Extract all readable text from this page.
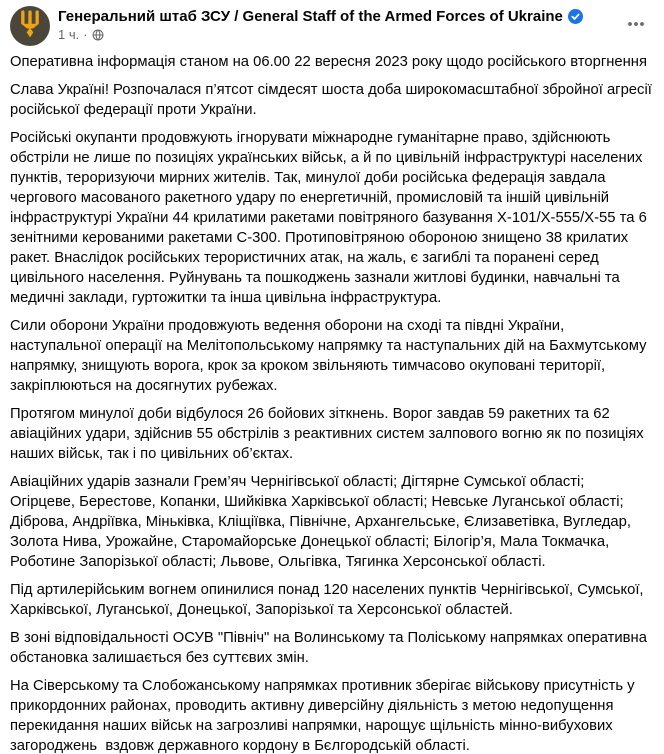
Генеральний штаб ЗСУ / General Staff of the Armed Forces of Ukraine
1 ч. ·

Оперативна інформація станом на 06.00 22 вересня 2023 року щодо російського вторгнення

Слава Україні! Розпочалася п’ятсот сімдесят шоста доба широкомасштабної збройної агресії російської федерації проти України.

Російські окупанти продовжують ігнорувати міжнародне гуманітарне право, здійснюють обстріли не лише по позиціях українських військ, а й по цивільній інфраструктурі населених пунктів, тероризуючи мирних жителів. Так, минулої доби російська федерація завдала чергового масованого ракетного удару по енергетичній, промисловій та іншій цивільній інфраструктурі України 44 крилатими ракетами повітряного базування Х-101/Х-555/Х-55 та 6 зенітними керованими ракетами С-300. Протиповітряною обороною знищено 38 крилатих ракет. Внаслідок російських терористичних атак, на жаль, є загиблі та поранені серед цивільного населення. Руйнувань та пошкоджень зазнали житлові будинки, навчальні та медичні заклади, гуртожитки та інша цивільна інфраструктура.

Сили оборони України продовжують ведення оборони на сході та півдні України, наступальної операції на Мелітопольському напрямку та наступальних дій на Бахмутському напрямку, знищують ворога, крок за кроком звільняють тимчасово окуповані території, закріплюються на досягнутих рубежах.

Протягом минулої доби відбулося 26 бойових зіткнень. Ворог завдав 59 ракетних та 62 авіаційних удари, здійснив 55 обстрілів з реактивних систем залпового вогню як по позиціях наших військ, так і по цивільних об’єктах.

Авіаційних ударів зазнали Грем’яч Чернігівської області; Дігтярне Сумської області; Огірцеве, Берестове, Копанки, Шийківка Харківської області; Невське Луганської області; Діброва, Андріївка, Міньківка, Кліщіївка, Північне, Архангельське, Єлизаветівка, Вугледар, Золота Нива, Урожайне, Старомайорське Донецької області; Білогір’я, Мала Токмачка, Роботине Запорізької області; Львове, Ольгівка, Тягинка Херсонської області.

Під артилерійським вогнем опинилися понад 120 населених пунктів Чернігівської, Сумської, Харківської, Луганської, Донецької, Запорізької та Херсонської областей.

В зоні відповідальності ОСУВ "Північ" на Волинському та Поліському напрямках оперативна обстановка залишається без суттєвих змін.

На Сіверському та Слобожанському напрямках противник зберігає військову присутність у прикордонних районах, проводить активну диверсійну діяльність з метою недопущення перекидання наших військ на загрозливі напрямки, нарощує щільність мінно-вибухових загороджень  вздовж державного кордону в Бєлгородській області.
